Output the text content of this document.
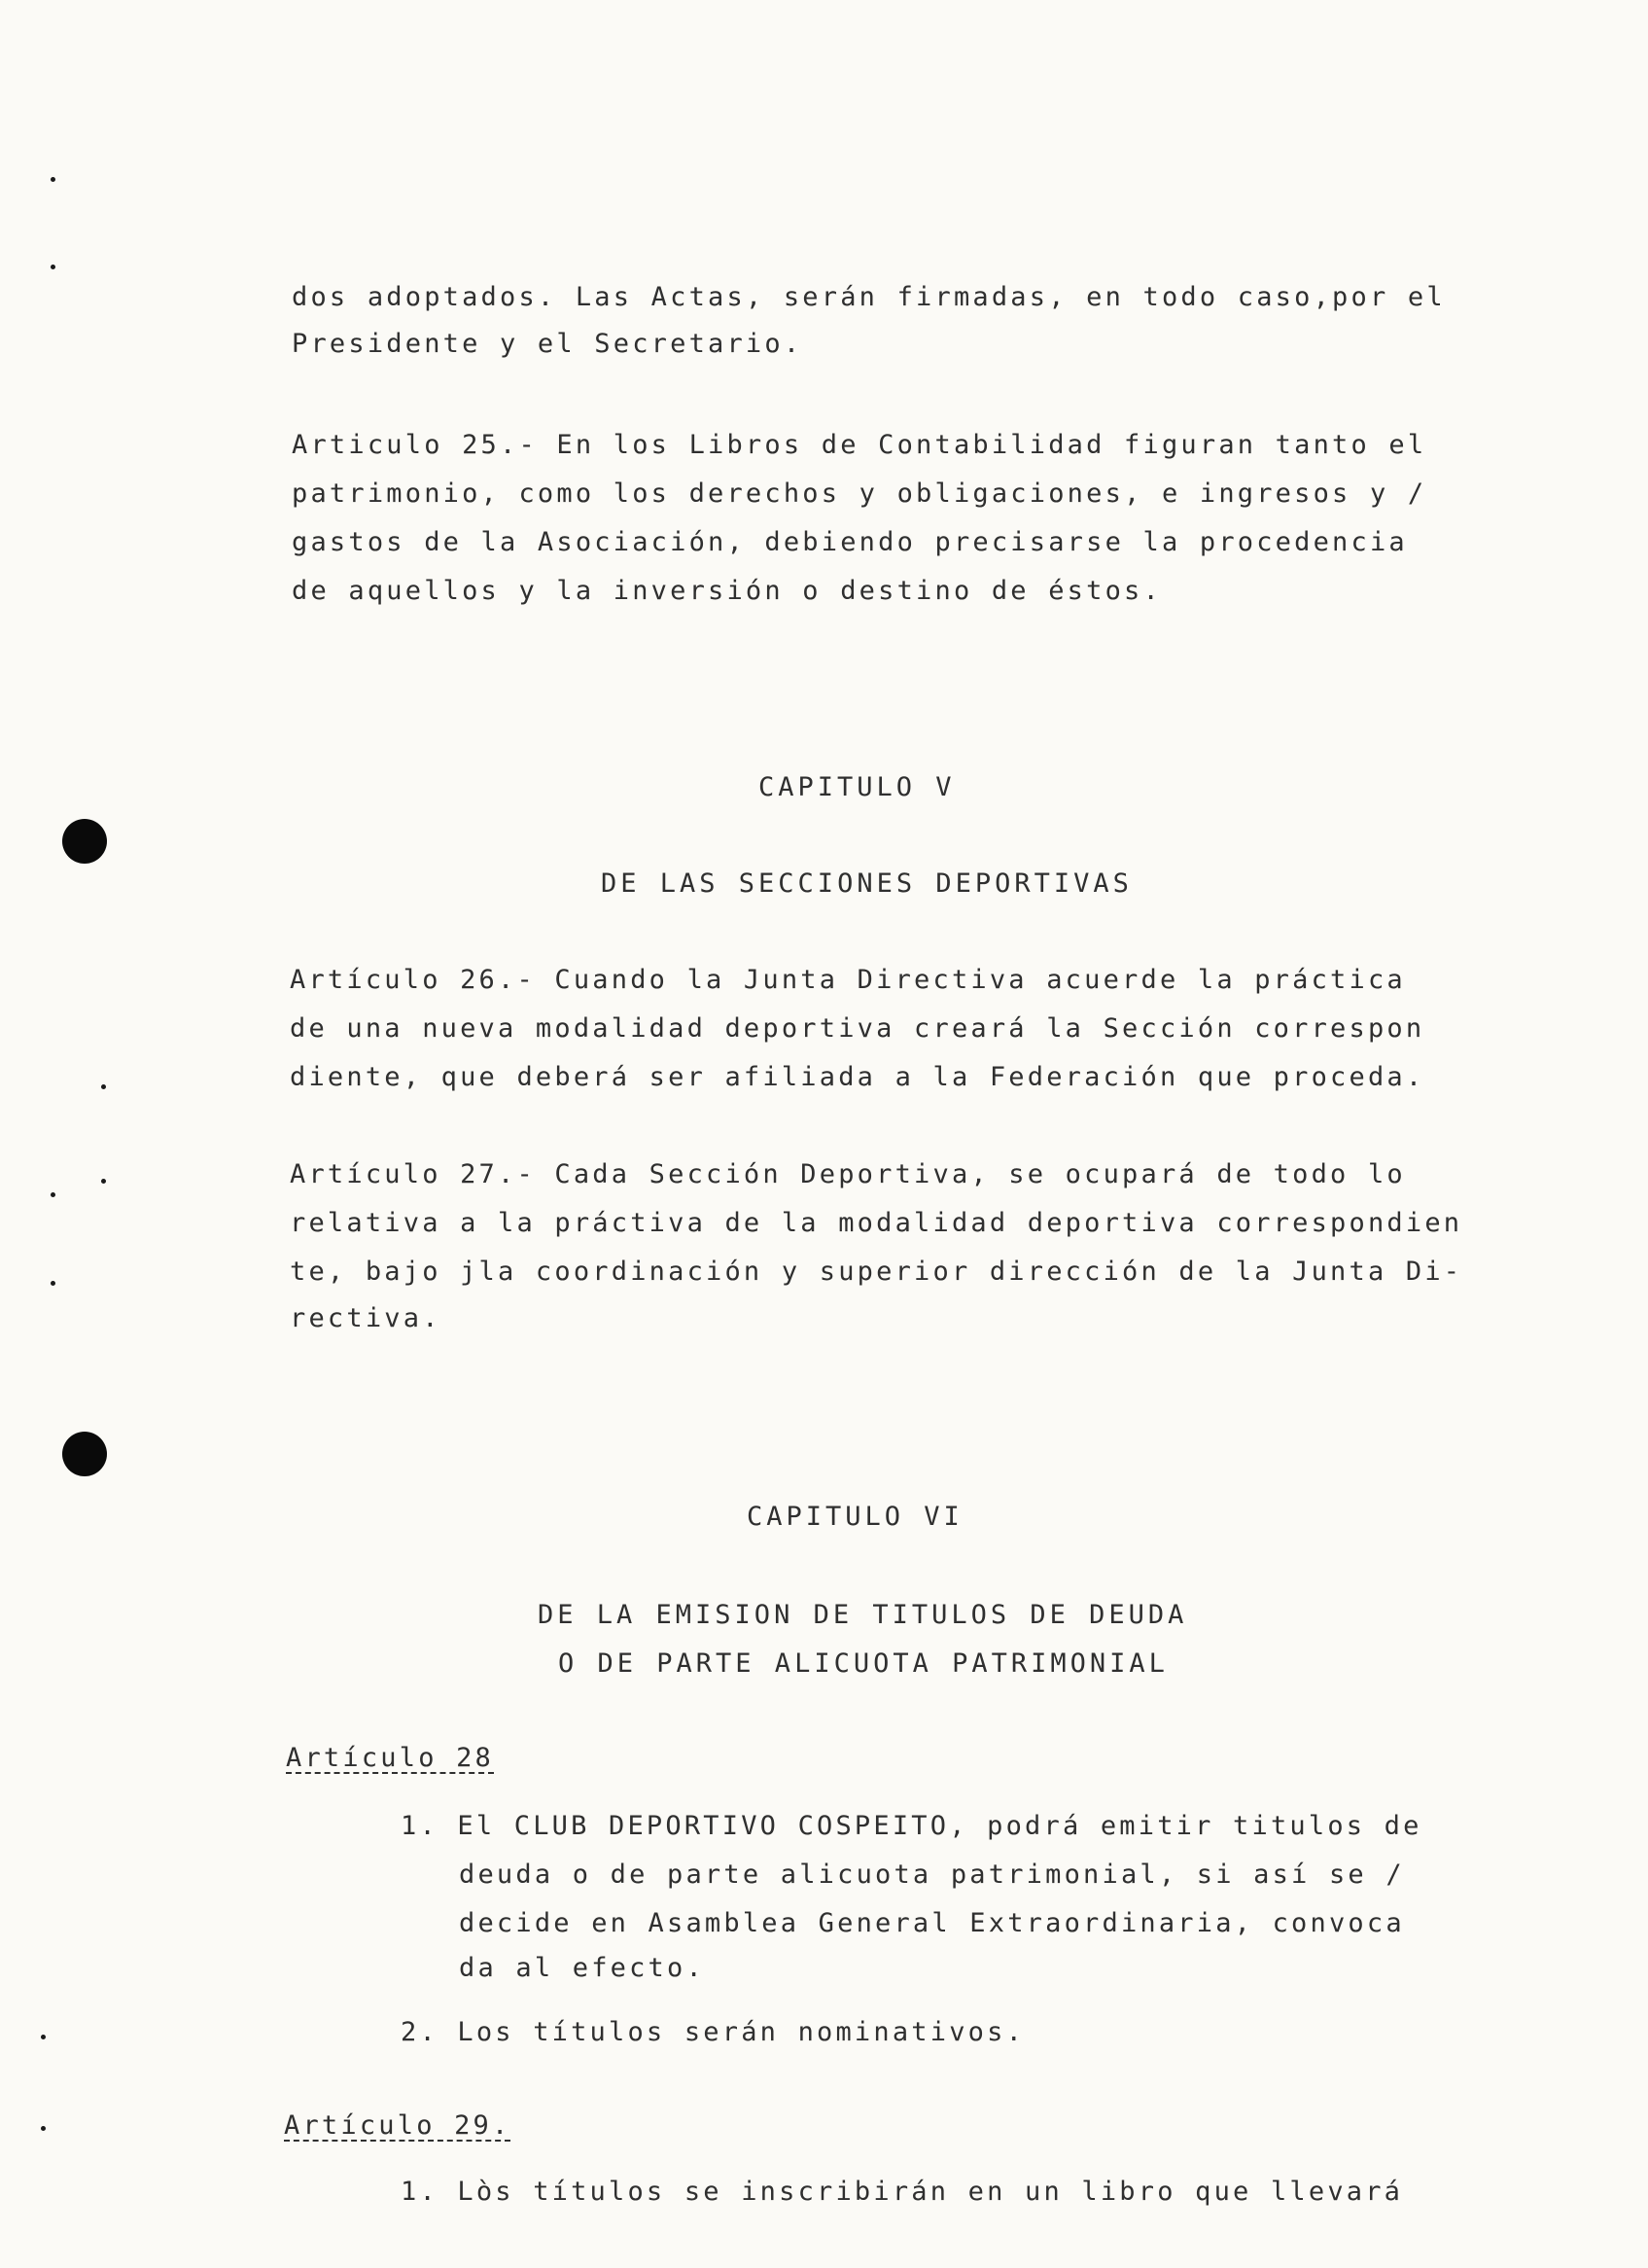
dos adoptados. Las Actas, serán firmadas, en todo caso,por el
Presidente y el Secretario.
Articulo 25.- En los Libros de Contabilidad figuran tanto el
patrimonio, como los derechos y obligaciones, e ingresos y /
gastos de la Asociación, debiendo precisarse la procedencia
de aquellos y la inversión o destino de éstos.
CAPITULO V
DE LAS SECCIONES DEPORTIVAS
Artículo 26.- Cuando la Junta Directiva acuerde la práctica
de una nueva modalidad deportiva creará la Sección correspon
diente, que deberá ser afiliada a la Federación que proceda.
Artículo 27.- Cada Sección Deportiva, se ocupará de todo lo
relativa a la práctiva de la modalidad deportiva correspondien
te, bajo jla coordinación y superior dirección de la Junta Di-
rectiva.
CAPITULO VI
DE LA EMISION DE TITULOS DE DEUDA
O DE PARTE ALICUOTA PATRIMONIAL
Artículo 28
1. El CLUB DEPORTIVO COSPEITO, podrá emitir titulos de
deuda o de parte alicuota patrimonial, si así se /
decide en Asamblea General Extraordinaria, convoca
da al efecto.
2. Los títulos serán nominativos.
Artículo 29.
1. Lòs títulos se inscribirán en un libro que llevará
